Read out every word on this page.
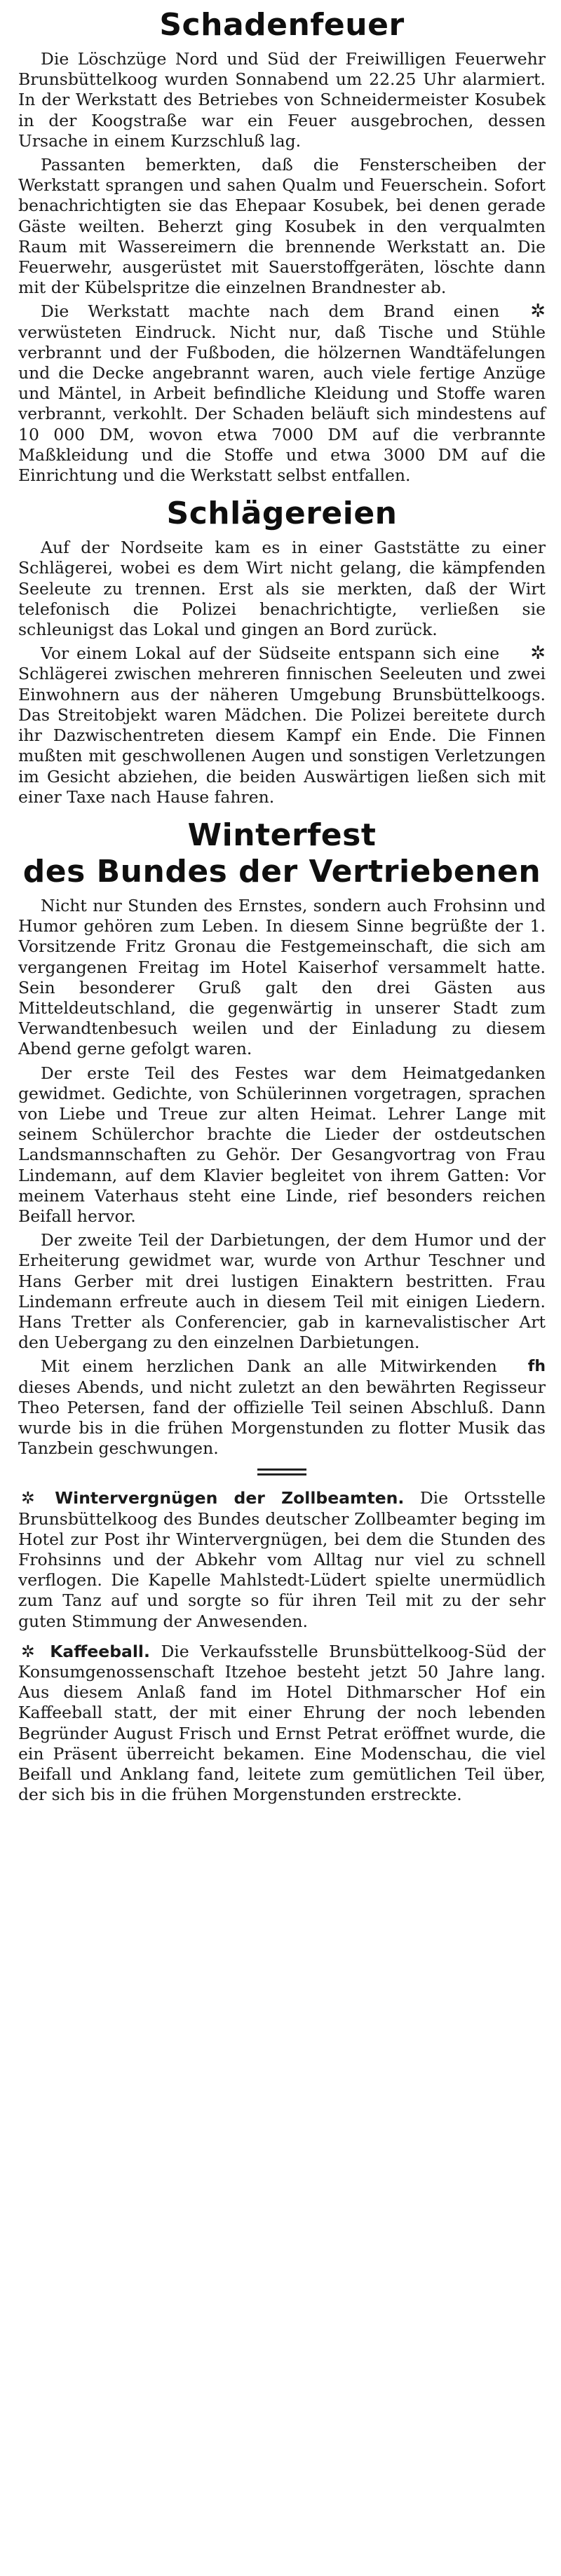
Schadenfeuer

Die Löschzüge Nord und Süd der Freiwilligen Feuerwehr Brunsbüttelkoog wurden Sonnabend um 22.25 Uhr alarmiert. In der Werkstatt des Betriebes von Schneidermeister Kosubek in der Koogstraße war ein Feuer ausgebrochen, dessen Ursache in einem Kurzschluß lag.

Passanten bemerkten, daß die Fensterscheiben der Werkstatt sprangen und sahen Qualm und Feuerschein. Sofort benachrichtigten sie das Ehepaar Kosubek, bei denen gerade Gäste weilten. Beherzt ging Kosubek in den verqualmten Raum mit Wassereimern die brennende Werkstatt an. Die Feuerwehr, ausgerüstet mit Sauerstoffgeräten, löschte dann mit der Kübelspritze die einzelnen Brandnester ab.

✲
Die Werkstatt machte nach dem Brand einen verwüsteten Eindruck. Nicht nur, daß Tische und Stühle verbrannt und der Fußboden, die hölzernen Wandtäfelungen und die Decke angebrannt waren, auch viele fertige Anzüge und Mäntel, in Arbeit befindliche Kleidung und Stoffe waren verbrannt, verkohlt. Der Schaden beläuft sich mindestens auf 10 000 DM, wovon etwa 7000 DM auf die verbrannte Maßkleidung und die Stoffe und etwa 3000 DM auf die Einrichtung und die Werkstatt selbst entfallen.

Schlägereien

Auf der Nordseite kam es in einer Gaststätte zu einer Schlägerei, wobei es dem Wirt nicht gelang, die kämpfenden Seeleute zu trennen. Erst als sie merkten, daß der Wirt telefonisch die Polizei benachrichtigte, verließen sie schleunigst das Lokal und gingen an Bord zurück.

✲
Vor einem Lokal auf der Südseite entspann sich eine Schlägerei zwischen mehreren finnischen Seeleuten und zwei Einwohnern aus der näheren Umgebung Brunsbüttelkoogs. Das Streitobjekt waren Mädchen. Die Polizei bereitete durch ihr Dazwischentreten diesem Kampf ein Ende. Die Finnen mußten mit geschwollenen Augen und sonstigen Verletzungen im Gesicht abziehen, die beiden Auswärtigen ließen sich mit einer Taxe nach Hause fahren.

Winterfest
des Bundes der Vertriebenen

Nicht nur Stunden des Ernstes, sondern auch Frohsinn und Humor gehören zum Leben. In diesem Sinne begrüßte der 1. Vorsitzende Fritz Gronau die Festgemeinschaft, die sich am vergangenen Freitag im Hotel Kaiserhof versammelt hatte. Sein besonderer Gruß galt den drei Gästen aus Mitteldeutschland, die gegenwärtig in unserer Stadt zum Verwandtenbesuch weilen und der Einladung zu diesem Abend gerne gefolgt waren.

Der erste Teil des Festes war dem Heimatgedanken gewidmet. Gedichte, von Schülerinnen vorgetragen, sprachen von Liebe und Treue zur alten Heimat. Lehrer Lange mit seinem Schülerchor brachte die Lieder der ostdeutschen Landsmannschaften zu Gehör. Der Gesangvortrag von Frau Lindemann, auf dem Klavier begleitet von ihrem Gatten: Vor meinem Vaterhaus steht eine Linde, rief besonders reichen Beifall hervor.

Der zweite Teil der Darbietungen, der dem Humor und der Erheiterung gewidmet war, wurde von Arthur Teschner und Hans Gerber mit drei lustigen Einaktern bestritten. Frau Lindemann erfreute auch in diesem Teil mit einigen Liedern. Hans Tretter als Conferencier, gab in karnevalistischer Art den Uebergang zu den einzelnen Darbietungen.

fh
Mit einem herzlichen Dank an alle Mitwirkenden dieses Abends, und nicht zuletzt an den bewährten Regisseur Theo Petersen, fand der offizielle Teil seinen Abschluß. Dann wurde bis in die frühen Morgenstunden zu flotter Musik das Tanzbein geschwungen.

✲ Wintervergnügen der Zollbeamten. Die Ortsstelle Brunsbüttelkoog des Bundes deutscher Zollbeamter beging im Hotel zur Post ihr Wintervergnügen, bei dem die Stunden des Frohsinns und der Abkehr vom Alltag nur viel zu schnell verflogen. Die Kapelle Mahlstedt-Lüdert spielte unermüdlich zum Tanz auf und sorgte so für ihren Teil mit zu der sehr guten Stimmung der Anwesenden.

✲ Kaffeeball. Die Verkaufsstelle Brunsbüttelkoog-Süd der Konsumgenossenschaft Itzehoe besteht jetzt 50 Jahre lang. Aus diesem Anlaß fand im Hotel Dithmarscher Hof ein Kaffeeball statt, der mit einer Ehrung der noch lebenden Begründer August Frisch und Ernst Petrat eröffnet wurde, die ein Präsent überreicht bekamen. Eine Modenschau, die viel Beifall und Anklang fand, leitete zum gemütlichen Teil über, der sich bis in die frühen Morgenstunden erstreckte.
